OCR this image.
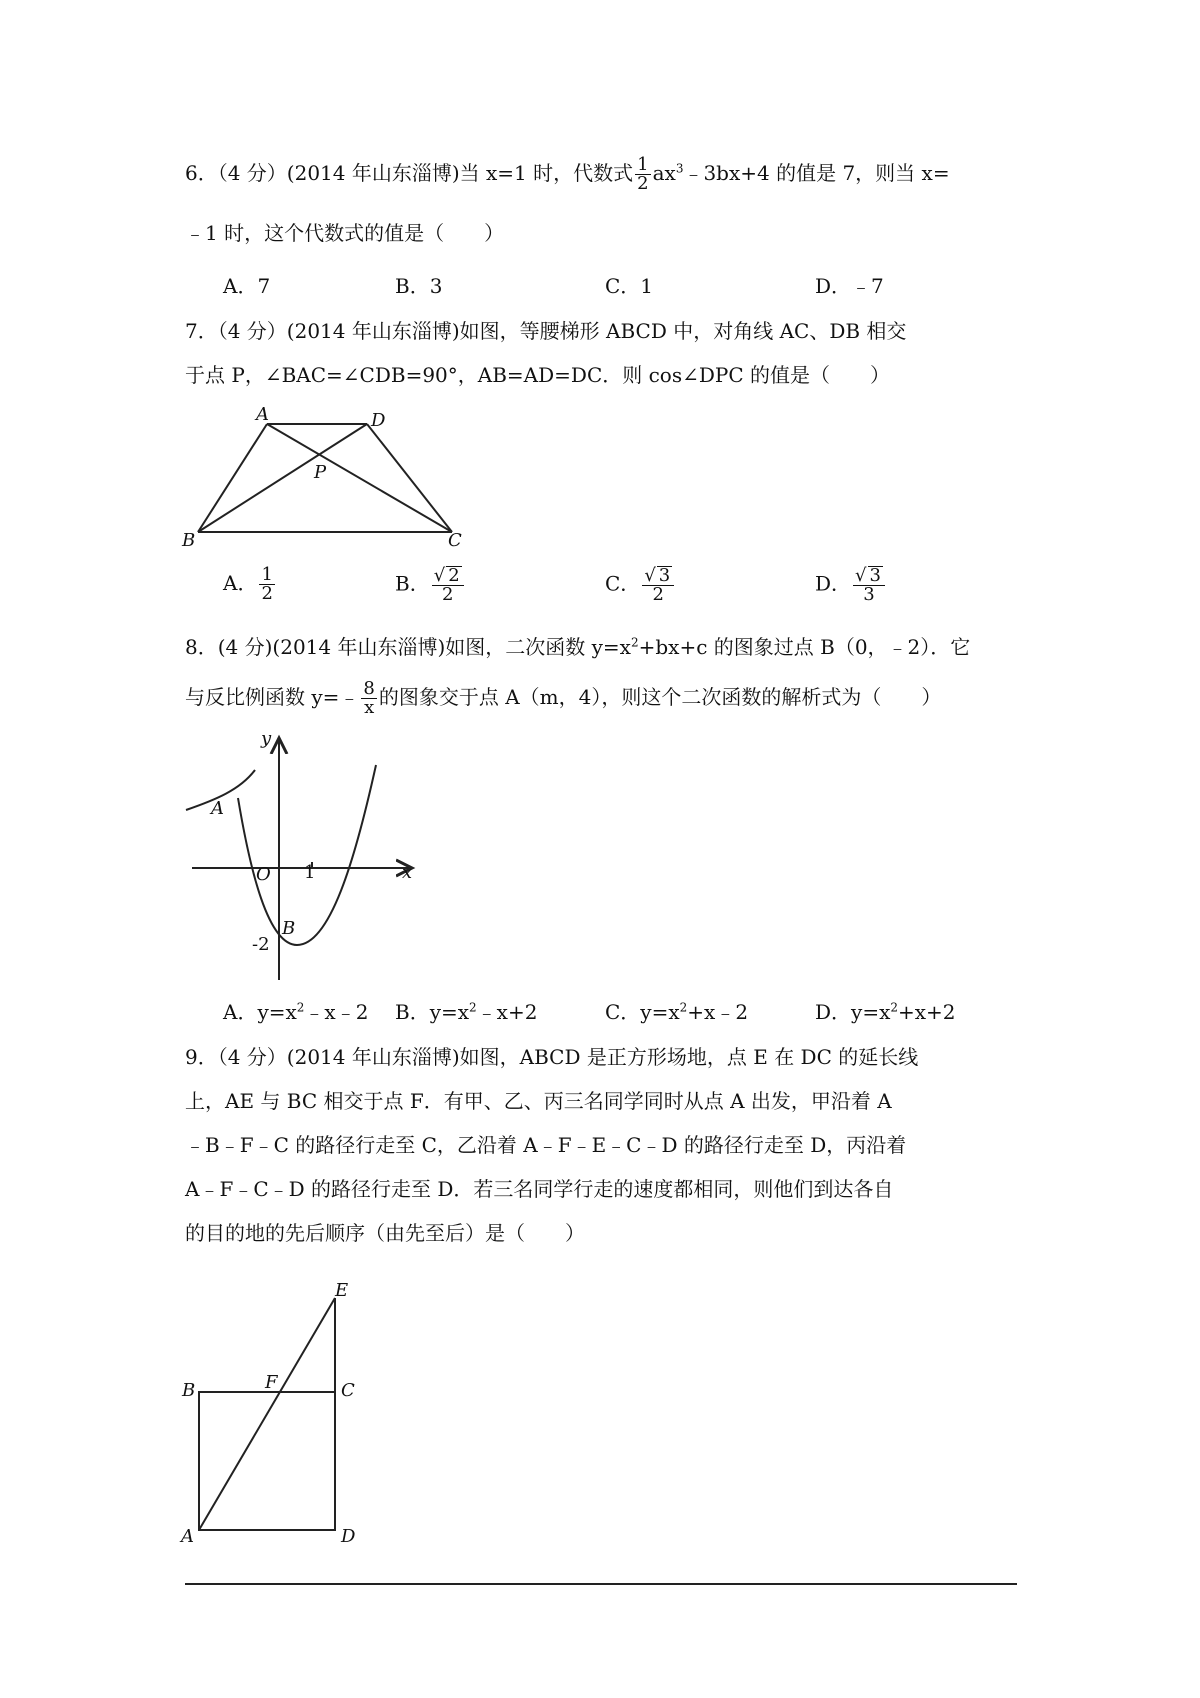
6．（4 分）(2014 年山东淄博)当 x=1 时，代数式 $\frac{1}{2}$ $ax^3﹣3bx+4$ 的值是 7，则当 x=
﹣1 时，这个代数式的值是（　　）
A．7	B．3	C．1	D．﹣7
7．（4 分）(2014 年山东淄博)如图，等腰梯形 ABCD 中，对角线 AC、DB 相交
于点 P，∠BAC=∠CDB=90°，AB=AD=DC．则 cos∠DPC 的值是（　　）
A	D
P
B	C
A． $\frac{1}{2}$	B． $\frac{√ 2}{2}$	C． $\frac{√ 3}{2}$	D． $\frac{√ 3}{3}$
8．(4 分)(2014 年山东淄博)如图，二次函数 $y=x^2+bx+c$ 的图象过点 B（0，﹣2）．它
与反比例函数 y=﹣ $\frac{8}{x}$ 的图象交于点 A（m，4），则这个二次函数的解析式为（　　）
y
x
A
O 1
B
-2
A．$y=x^2﹣x﹣2$ B．$y=x^2﹣x+2$	C．$y=x^2+x﹣2$	D．$y=x^2+x+2$
9．（4 分）(2014 年山东淄博)如图，ABCD 是正方形场地，点 E 在 DC 的延长线
上，AE 与 BC 相交于点 F．有甲、乙、丙三名同学同时从点 A 出发，甲沿着 A
﹣B﹣F﹣C 的路径行走至 C，乙沿着 A﹣F﹣E﹣C﹣D 的路径行走至 D，丙沿着
A﹣F﹣C﹣D 的路径行走至 D．若三名同学行走的速度都相同，则他们到达各自
的目的地的先后顺序（由先至后）是（　　）
E
B	F	C
A	D
